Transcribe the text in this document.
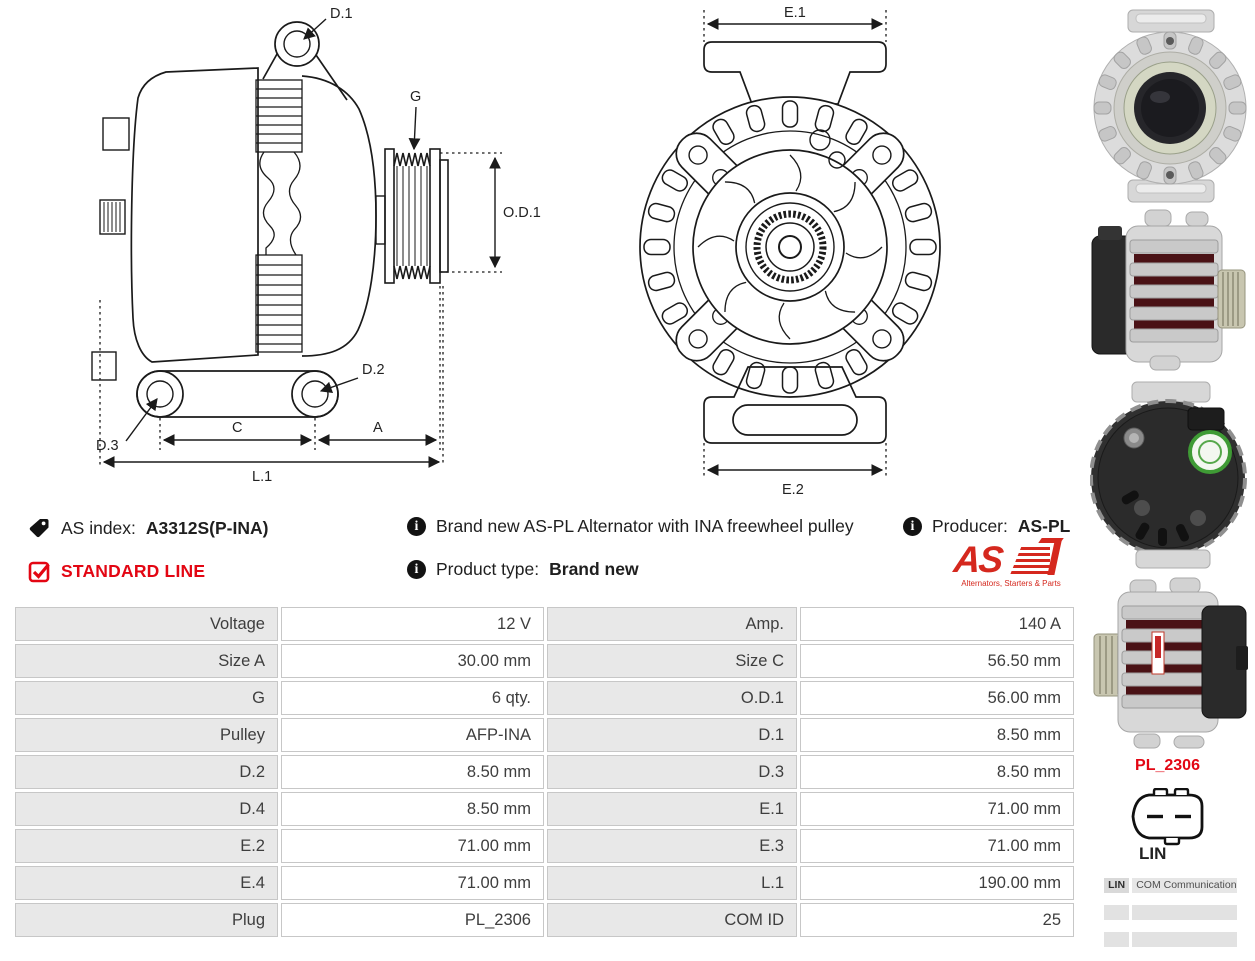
D.1
G
O.D.1
D.2
D.3
C	A
L.1
E.1
E.2
AS index: A3312S(P-INA)
STANDARD LINE
i	Brand new AS-PL Alternator with INA freewheel pulley
i	Product type: Brand new
i	Producer: AS-PL
AS
Alternators, Starters & Parts
Voltage	12 V	Amp.	140 A
Size A	30.00 mm	Size C	56.50 mm
G	6 qty.	O.D.1	56.00 mm
Pulley	AFP-INA	D.1	8.50 mm
D.2	8.50 mm	D.3	8.50 mm
D.4	8.50 mm	E.1	71.00 mm
E.2	71.00 mm	E.3	71.00 mm
E.4	71.00 mm	L.1	190.00 mm
Plug	PL_2306	COM ID	25
PL_2306
LIN
LIN	COM Communication
